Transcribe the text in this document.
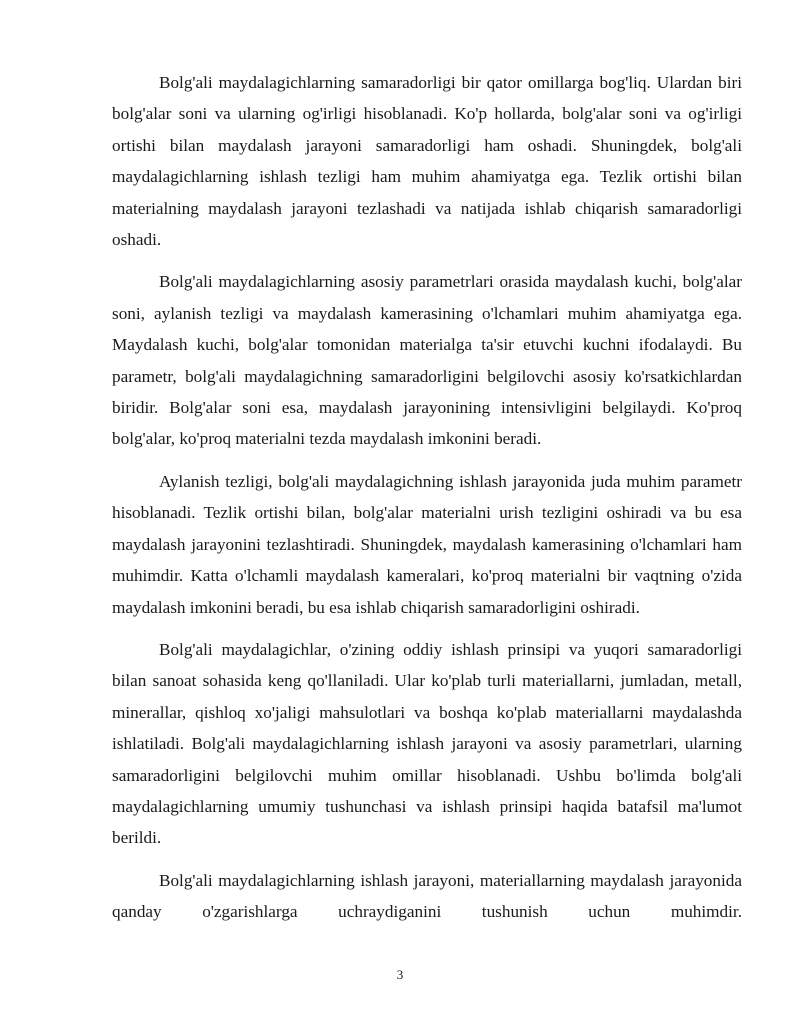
Bolg'ali maydalagichlarning samaradorligi bir qator omillarga bog'liq. Ulardan biri bolg'alar soni va ularning og'irligi hisoblanadi. Ko'p hollarda, bolg'alar soni va og'irligi ortishi bilan maydalash jarayoni samaradorligi ham oshadi. Shuningdek, bolg'ali maydalagichlarning ishlash tezligi ham muhim ahamiyatga ega. Tezlik ortishi bilan materialning maydalash jarayoni tezlashadi va natijada ishlab chiqarish samaradorligi oshadi.

Bolg'ali maydalagichlarning asosiy parametrlari orasida maydalash kuchi, bolg'alar soni, aylanish tezligi va maydalash kamerasining o'lchamlari muhim ahamiyatga ega. Maydalash kuchi, bolg'alar tomonidan materialga ta'sir etuvchi kuchni ifodalaydi. Bu parametr, bolg'ali maydalagichning samaradorligini belgilovchi asosiy ko'rsatkichlardan biridir. Bolg'alar soni esa, maydalash jarayonining intensivligini belgilaydi. Ko'proq bolg'alar, ko'proq materialni tezda maydalash imkonini beradi.

Aylanish tezligi, bolg'ali maydalagichning ishlash jarayonida juda muhim parametr hisoblanadi. Tezlik ortishi bilan, bolg'alar materialni urish tezligini oshiradi va bu esa maydalash jarayonini tezlashtiradi. Shuningdek, maydalash kamerasining o'lchamlari ham muhimdir. Katta o'lchamli maydalash kameralari, ko'proq materialni bir vaqtning o'zida maydalash imkonini beradi, bu esa ishlab chiqarish samaradorligini oshiradi.

Bolg'ali maydalagichlar, o'zining oddiy ishlash prinsipi va yuqori samaradorligi bilan sanoat sohasida keng qo'llaniladi. Ular ko'plab turli materiallarni, jumladan, metall, minerallar, qishloq xo'jaligi mahsulotlari va boshqa ko'plab materiallarni maydalashda ishlatiladi. Bolg'ali maydalagichlarning ishlash jarayoni va asosiy parametrlari, ularning samaradorligini belgilovchi muhim omillar hisoblanadi. Ushbu bo'limda bolg'ali maydalagichlarning umumiy tushunchasi va ishlash prinsipi haqida batafsil ma'lumot berildi.

Bolg'ali maydalagichlarning ishlash jarayoni, materiallarning maydalash jarayonida qanday o'zgarishlarga uchraydiganini tushunish uchun muhimdir.

3
